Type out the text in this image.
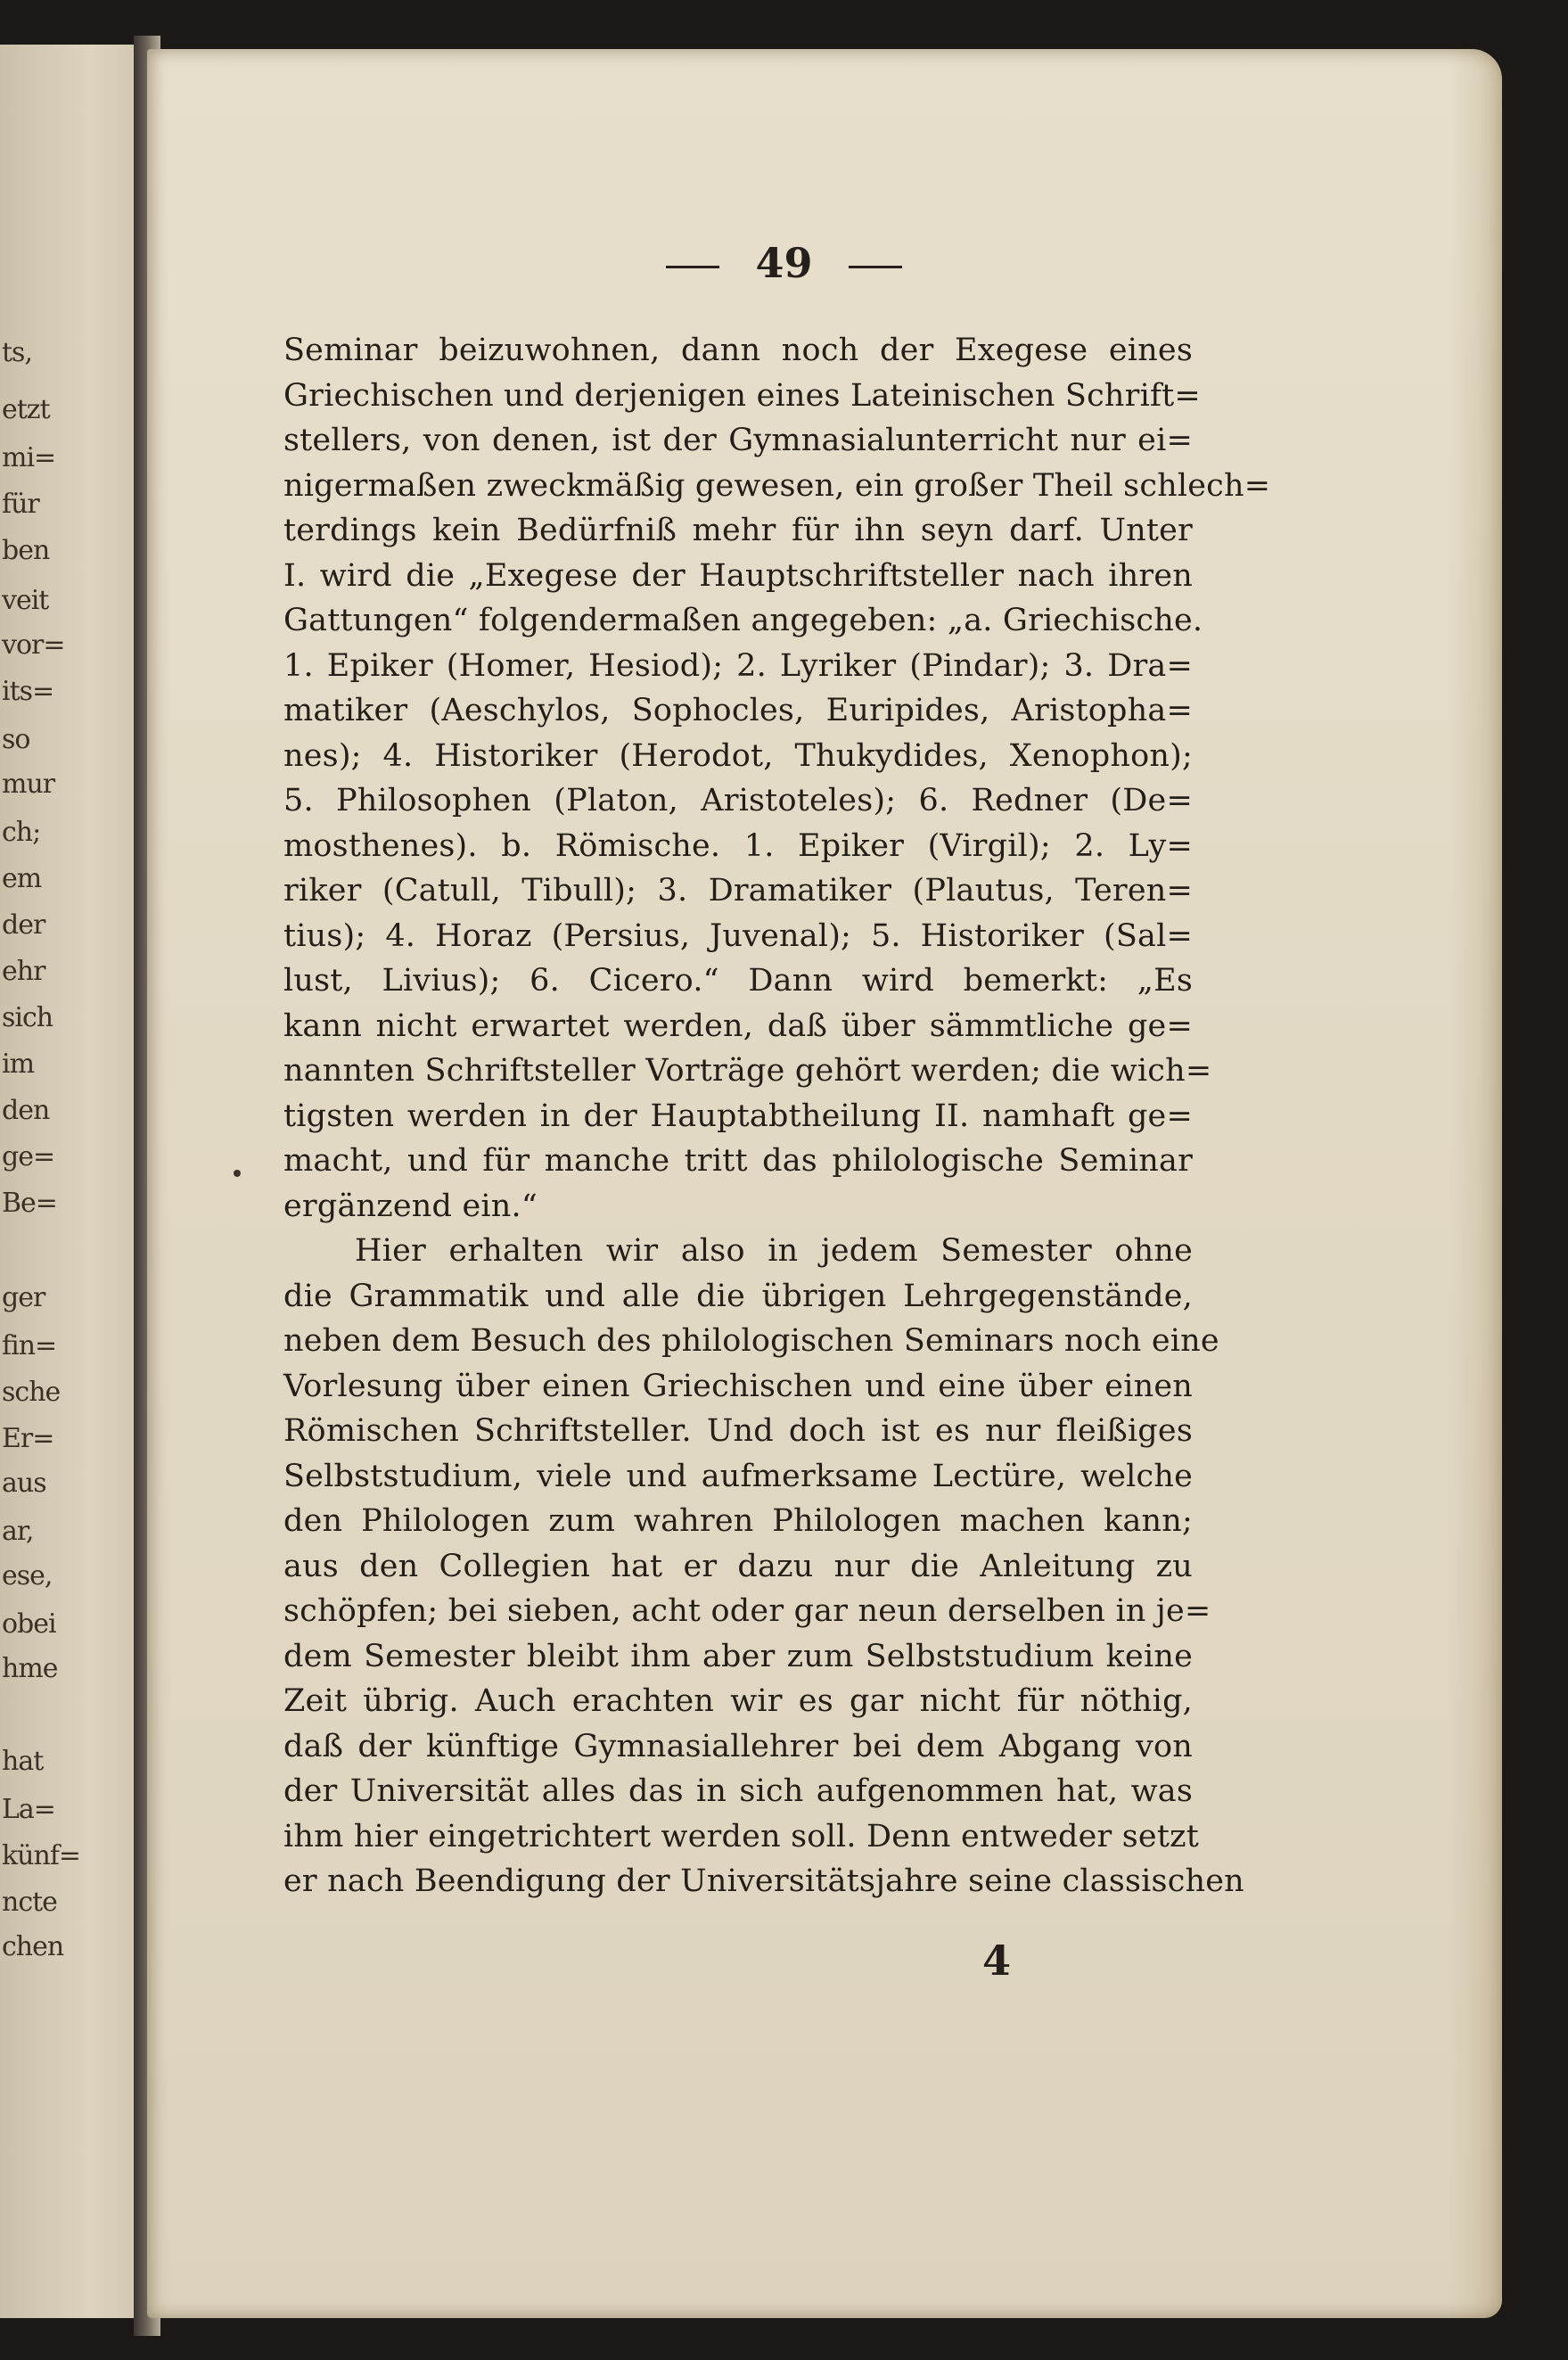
ts,
etzt
mi=
für
ben
veit
vor=
its=
so
mur
ch;
em
der
ehr
sich
im
den
ge=
Be=
ger
fin=
sche
Er=
aus
ar,
ese,
obei
hme
hat
La=
künf=
ncte
chen
49
Seminar beizuwohnen, dann noch der Exegese eines
Griechischen und derjenigen eines Lateinischen Schrift=
stellers, von denen, ist der Gymnasialunterricht nur ei=
nigermaßen zweckmäßig gewesen, ein großer Theil schlech=
terdings kein Bedürfniß mehr für ihn seyn darf. Unter
I. wird die „Exegese der Hauptschriftsteller nach ihren
Gattungen“ folgendermaßen angegeben: „a. Griechische.
1. Epiker (Homer, Hesiod); 2. Lyriker (Pindar); 3. Dra=
matiker (Aeschylos, Sophocles, Euripides, Aristopha=
nes); 4. Historiker (Herodot, Thukydides, Xenophon);
5. Philosophen (Platon, Aristoteles); 6. Redner (De=
mosthenes). b. Römische. 1. Epiker (Virgil); 2. Ly=
riker (Catull, Tibull); 3. Dramatiker (Plautus, Teren=
tius); 4. Horaz (Persius, Juvenal); 5. Historiker (Sal=
lust, Livius); 6. Cicero.“ Dann wird bemerkt: „Es
kann nicht erwartet werden, daß über sämmtliche ge=
nannten Schriftsteller Vorträge gehört werden; die wich=
tigsten werden in der Hauptabtheilung II. namhaft ge=
macht, und für manche tritt das philologische Seminar
ergänzend ein.“
Hier erhalten wir also in jedem Semester ohne
die Grammatik und alle die übrigen Lehrgegenstände,
neben dem Besuch des philologischen Seminars noch eine
Vorlesung über einen Griechischen und eine über einen
Römischen Schriftsteller. Und doch ist es nur fleißiges
Selbststudium, viele und aufmerksame Lectüre, welche
den Philologen zum wahren Philologen machen kann;
aus den Collegien hat er dazu nur die Anleitung zu
schöpfen; bei sieben, acht oder gar neun derselben in je=
dem Semester bleibt ihm aber zum Selbststudium keine
Zeit übrig. Auch erachten wir es gar nicht für nöthig,
daß der künftige Gymnasiallehrer bei dem Abgang von
der Universität alles das in sich aufgenommen hat, was
ihm hier eingetrichtert werden soll. Denn entweder setzt
er nach Beendigung der Universitätsjahre seine classischen
4
